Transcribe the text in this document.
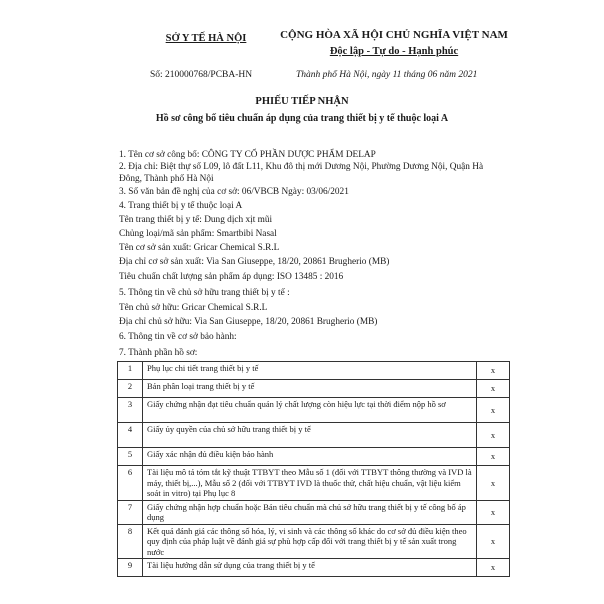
SỞ Y TẾ HÀ NỘI	CỘNG HÒA XÃ HỘI CHỦ NGHĨA VIỆT NAM
Độc lập - Tự do - Hạnh phúc
Số: 210000768/PCBA-HN	Thành phố Hà Nội, ngày 11 tháng 06 năm 2021
PHIẾU TIẾP NHẬN
Hồ sơ công bố tiêu chuẩn áp dụng của trang thiết bị y tế thuộc loại A
1. Tên cơ sở công bố: CÔNG TY CỔ PHẦN DƯỢC PHẨM DELAP
2. Địa chỉ: Biệt thự số L09, lô đất L11, Khu đô thị mới Dương Nội, Phường Dương Nội, Quận Hà
Đông, Thành phố Hà Nội
3. Số văn bản đề nghị của cơ sở: 06/VBCB Ngày: 03/06/2021
4. Trang thiết bị y tế thuộc loại A
Tên trang thiết bị y tế: Dung dịch xịt mũi
Chủng loại/mã sản phẩm: Smartbibi Nasal
Tên cơ sở sản xuất: Gricar Chemical S.R.L
Địa chỉ cơ sở sản xuất: Via San Giuseppe, 18/20, 20861 Brugherio (MB)
Tiêu chuẩn chất lượng sản phẩm áp dụng: ISO 13485 : 2016
5. Thông tin về chủ sở hữu trang thiết bị y tế :
Tên chủ sở hữu: Gricar Chemical S.R.L
Địa chỉ chủ sở hữu: Via San Giuseppe, 18/20, 20861 Brugherio (MB)
6. Thông tin về cơ sở bảo hành:
7. Thành phần hồ sơ:
1	Phụ lục chi tiết trang thiết bị y tế	x
2	Bản phân loại trang thiết bị y tế	x
3	Giấy chứng nhận đạt tiêu chuẩn quản lý chất lượng còn hiệu lực tại thời điểm nộp hồ sơ	x
4	Giấy ủy quyền của chủ sở hữu trang thiết bị y tế	x
5	Giấy xác nhận đủ điều kiện bảo hành	x
6	Tài liệu mô tả tóm tắt kỹ thuật TTBYT theo Mẫu số 1 (đối với TTBYT thông thường và IVD là máy, thiết bị,...), Mẫu số 2 (đối với TTBYT IVD là thuốc thử, chất hiệu chuẩn, vật liệu kiểm soát in vitro) tại Phụ lục 8	x
7	Giấy chứng nhận hợp chuẩn hoặc Bản tiêu chuẩn mà chủ sở hữu trang thiết bị y tế công bố áp dụng	x
8	Kết quả đánh giá các thông số hóa, lý, vi sinh và các thông số khác do cơ sở đủ điều kiện theo quy định của pháp luật về đánh giá sự phù hợp cấp đối với trang thiết bị y tế sản xuất trong nước	x
9	Tài liệu hướng dẫn sử dụng của trang thiết bị y tế	x
